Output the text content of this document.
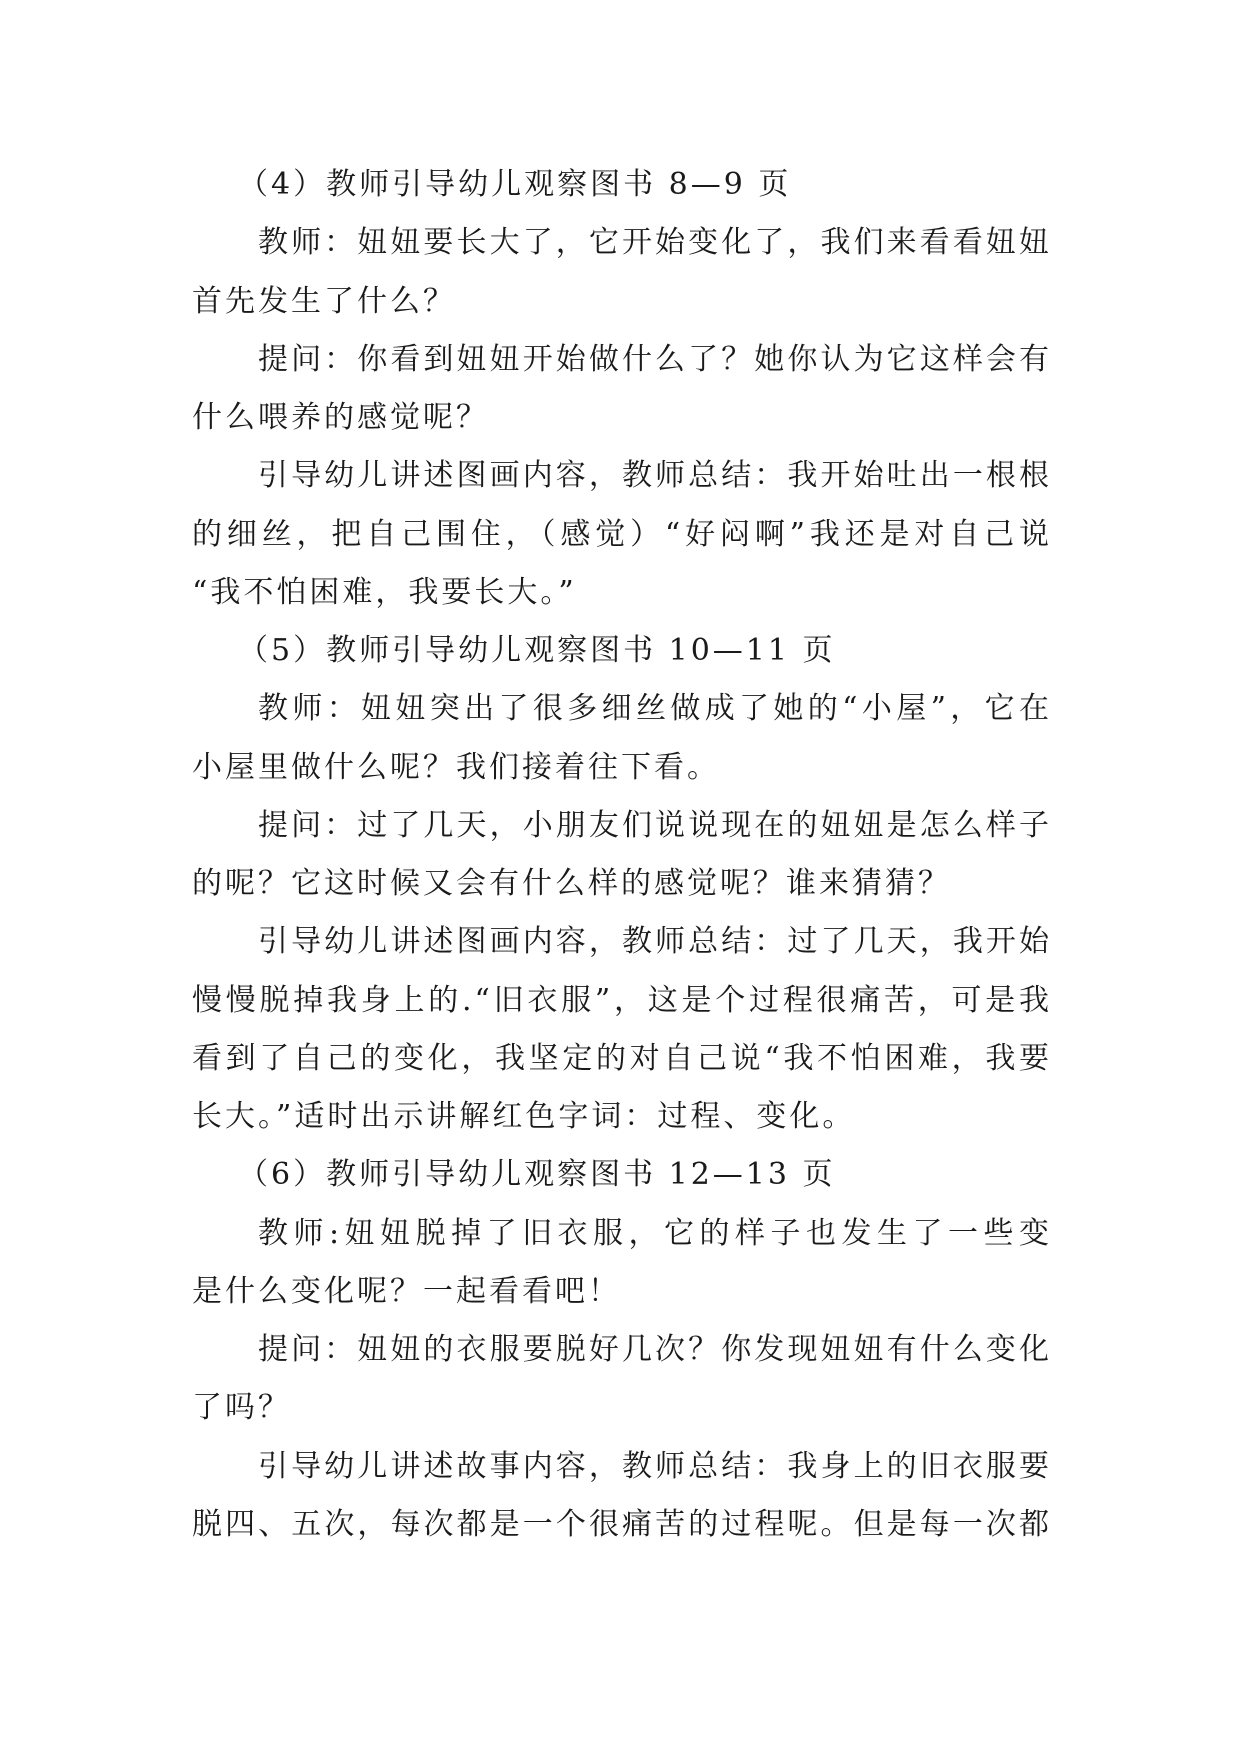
（4）教师引导幼儿观察图书 8—9 页
教师：妞妞要长大了，它开始变化了，我们来看看妞妞
首先发生了什么？
提问：你看到妞妞开始做什么了？她你认为它这样会有
什么喂养的感觉呢？
引导幼儿讲述图画内容，教师总结：我开始吐出一根根
的细丝，把自己围住，（感觉）“好闷啊”我还是对自己说
“我不怕困难，我要长大。”
（5）教师引导幼儿观察图书 10—11 页
教师：妞妞突出了很多细丝做成了她的“小屋”，它在
小屋里做什么呢？我们接着往下看。
提问：过了几天，小朋友们说说现在的妞妞是怎么样子
的呢？它这时候又会有什么样的感觉呢？谁来猜猜？
引导幼儿讲述图画内容，教师总结：过了几天，我开始
慢慢脱掉我身上的.“旧衣服”，这是个过程很痛苦，可是我
看到了自己的变化，我坚定的对自己说“我不怕困难，我要
长大。”适时出示讲解红色字词：过程、变化。
（6）教师引导幼儿观察图书 12—13 页
教师:妞妞脱掉了旧衣服，它的样子也发生了一些变
是什么变化呢？一起看看吧！
提问：妞妞的衣服要脱好几次？你发现妞妞有什么变化
了吗？
引导幼儿讲述故事内容，教师总结：我身上的旧衣服要
脱四、五次，每次都是一个很痛苦的过程呢。但是每一次都
